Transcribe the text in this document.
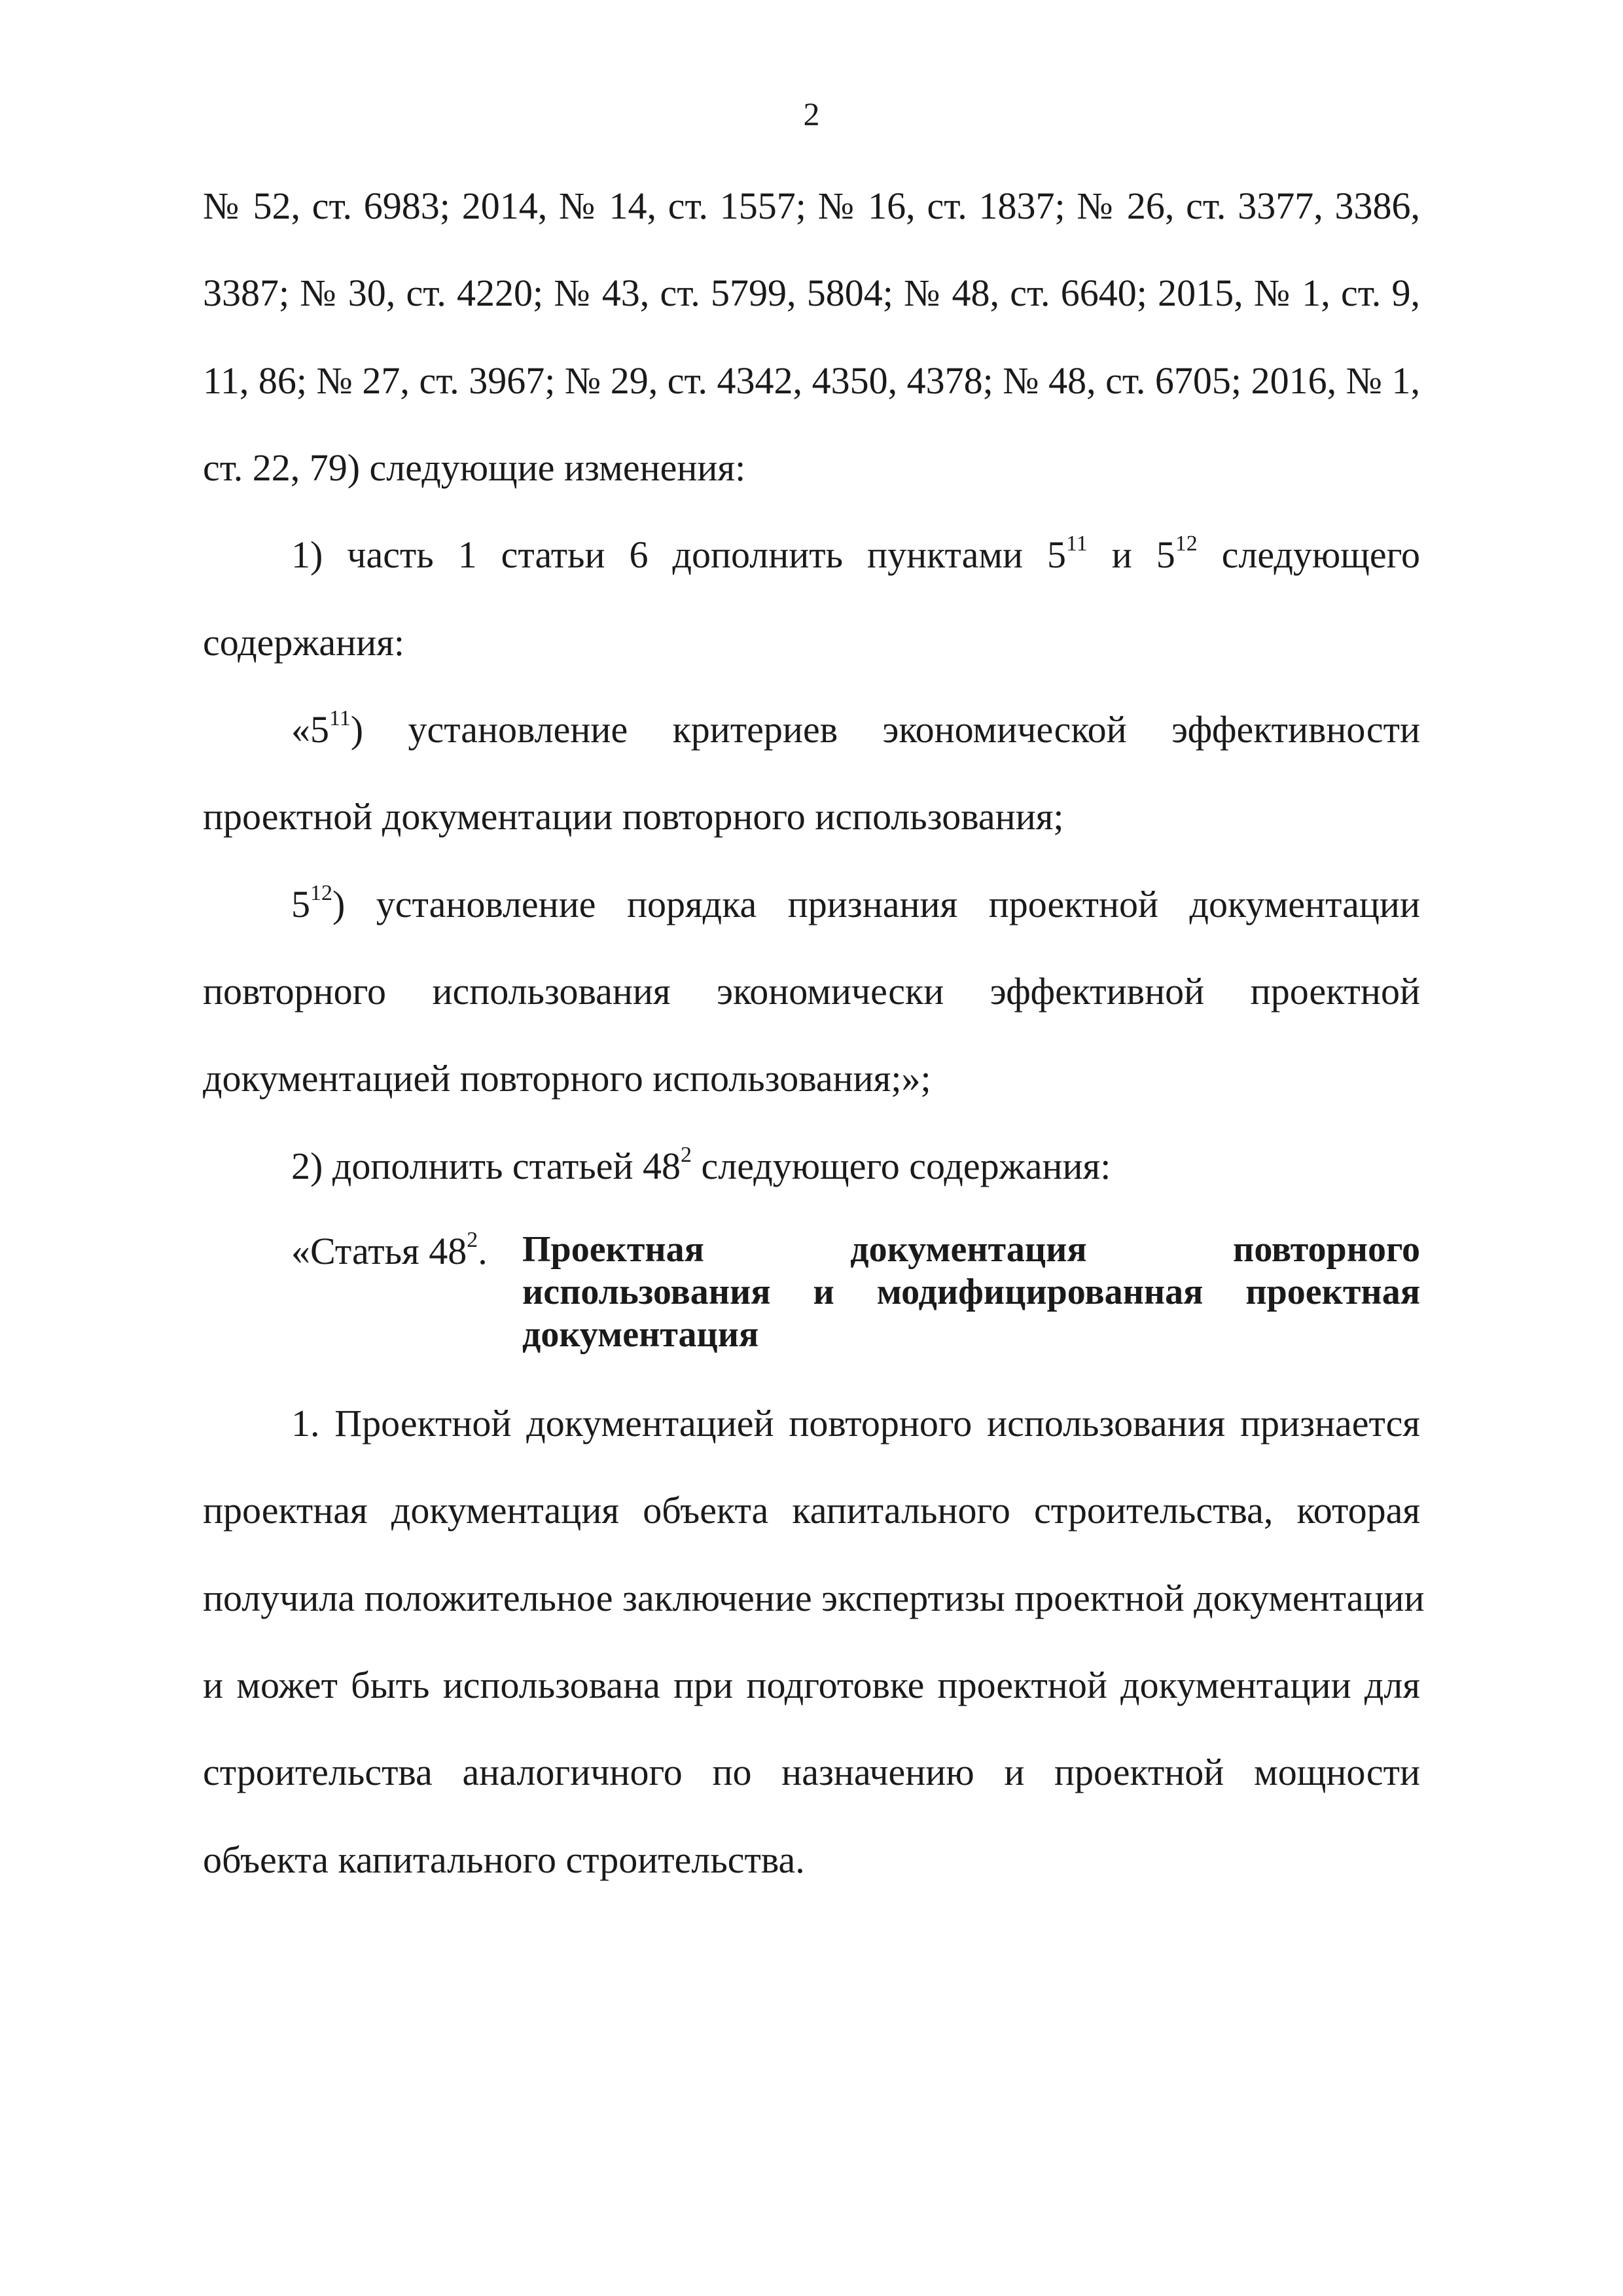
2
№ 52, ст. 6983; 2014, № 14, ст. 1557; № 16, ст. 1837; № 26, ст. 3377, 3386,
3387; № 30, ст. 4220; № 43, ст. 5799, 5804; № 48, ст. 6640; 2015, № 1, ст. 9,
11, 86; № 27, ст. 3967; № 29, ст. 4342, 4350, 4378; № 48, ст. 6705; 2016, № 1,
ст. 22, 79) следующие изменения:
1) часть 1 статьи 6 дополнить пунктами $5^{11}$ и $5^{12}$ следующего
содержания:
«$5^{11}$) установление критериев экономической эффективности
проектной документации повторного использования;
$5^{12}$) установление порядка признания проектной документации
повторного использования экономически эффективной проектной
документацией повторного использования;»;
2) дополнить статьей $48^2$ следующего содержания:
«Статья $48^2$. Проектная документация повторного
использования и модифицированная проектная
документация
1. Проектной документацией повторного использования признается
проектная документация объекта капитального строительства, которая
получила положительное заключение экспертизы проектной документации
и может быть использована при подготовке проектной документации для
строительства аналогичного по назначению и проектной мощности
объекта капитального строительства.
